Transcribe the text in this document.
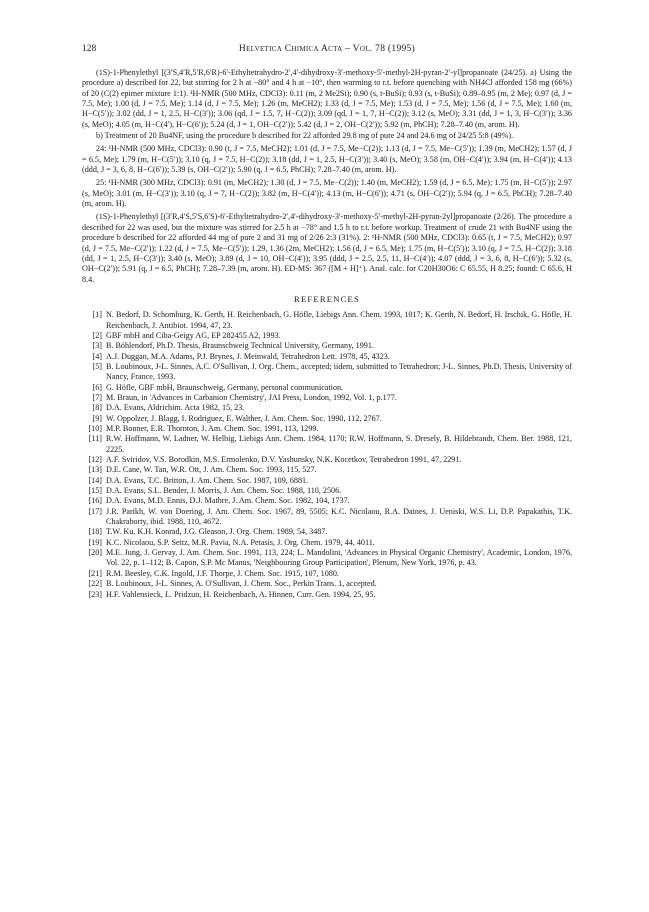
128	Helvetica Chimica Acta – Vol. 78 (1995)

(1S)-1-Phenylethyl [(3′S,4′R,5′R,6′R)-6′-Ethyltetrahydro-2′,4′-dihydroxy-3′-methoxy-5′-methyl-2H-pyran-2′-yl]propanoate (24/25). a) Using the procedure a) described for 22, but stirring for 2 h at −80° and 4 h at −10°, then warming to r.t. before quenching with NH4Cl afforded 158 mg (66%) of 20 (C(2) epimer mixture 1:1). ¹H-NMR (500 MHz, CDCl3): 0.11 (m, 2 Me2Si); 0.90 (s, t-BuSi); 0.93 (s, t-BuSi); 0.89–0.95 (m, 2 Me); 0.97 (d, J = 7.5, Me); 1.00 (d, J = 7.5, Me); 1.14 (d, J = 7.5, Me); 1.26 (m, MeCH2); 1.33 (d, J = 7.5, Me); 1.53 (d, J = 7.5, Me); 1.56 (d, J = 7.5, Me); 1.60 (m, H−C(5′)); 3.02 (dd, J = 1, 2.5, H−C(3′)); 3.06 (qd, J = 1.5, 7, H−C(2)); 3.09 (qd, J = 1, 7, H−C(2)); 3.12 (s, MeO); 3.31 (dd, J = 1, 3, H−C(3′)); 3.36 (s, MeO); 4.05 (m, H−C(4′), H−C(6′)); 5.24 (d, J = 1, OH−C(2′)); 5.42 (d, J = 2, OH−C(2′)); 5.92 (m, PhCH); 7.28–7.40 (m, arom. H).

b) Treatment of 20 Bu4NF, using the procedure b described for 22 afforded 29.8 mg of pure 24 and 24.6 mg of 24/25 5:8 (49%).

24: ¹H-NMR (500 MHz, CDCl3): 0.90 (t, J = 7.5, MeCH2); 1.01 (d, J = 7.5, Me−C(2)); 1.13 (d, J = 7.5, Me−C(5′)); 1.39 (m, MeCH2); 1.57 (d, J = 6.5, Me); 1.79 (m, H−C(5′)); 3.10 (q, J = 7.5, H−C(2)); 3.18 (dd, J = 1, 2.5, H−C(3′)); 3.40 (s, MeO); 3.58 (m, OH−C(4′)); 3.94 (m, H−C(4′)); 4.13 (ddd, J = 3, 6, 8, H−C(6′)); 5.39 (s, OH−C(2′)); 5.90 (q, J = 6.5, PhCH); 7.28–7.40 (m, arom. H).

25: ¹H-NMR (300 MHz, CDCl3): 0.91 (m, MeCH2); 1.30 (d, J = 7.5, Me−C(2)); 1.40 (m, MeCH2); 1.59 (d, J = 6.5, Me); 1.75 (m, H−C(5′)); 2.97 (s, MeO); 3.01 (m, H−C(3′)); 3.10 (q, J = 7, H−C(2)); 3.82 (m, H−C(4′)); 4.13 (m, H−C(6′)); 4.71 (s, OH−C(2′)); 5.94 (q, J = 6.5, PhCH); 7.28–7.40 (m, arom. H).

(1S)-1-Phenylethyl [(3′R,4′S,5′S,6′S)-6′-Ethyltetrahydro-2′,4′-dihydroxy-3′-methoxy-5′-methyl-2H-pyran-2yl]propanoate (2/26). The procedure a described for 22 was used, but the mixture was stirred for 2.5 h at −78° and 1.5 h to r.t. before workup. Treatment of crude 21 with Bu4NF using the procedure b described for 22 afforded 44 mg of pure 2 and 31 mg of 2/26 2:3 (31%). 2: ¹H-NMR (500 MHz, CDCl3): 0.65 (t, J = 7.5, MeCH2); 0.97 (d, J = 7.5, Me−C(2′)); 1.22 (d, J = 7.5, Me−C(5′)); 1.29, 1.36 (2m, MeCH2); 1.56 (d, J = 6.5, Me); 1.75 (m, H−C(5′)); 3.10 (q, J = 7.5, H−C(2)); 3.18 (dd, J = 1, 2.5, H−C(3′)); 3.40 (s, MeO); 3.89 (d, J = 10, OH−C(4′)); 3.95 (ddd, J = 2.5, 2.5, 11, H−C(4′)); 4.07 (ddd, J = 3, 6, 8, H−C(6′)); 5.32 (s, OH−C(2′)); 5.91 (q, J = 6.5, PhCH); 7.28–7.39 (m, arom. H). ED-MS: 367 ([M + H]⁺). Anal. calc. for C20H30O6: C 65.55, H 8.25; found: C 65.6, H 8.4.

REFERENCES
[1] N. Bedorf, D. Schomburg, K. Gerth, H. Reichenbach, G. Höfle, Liebigs Ann. Chem. 1993, 1017; K. Gerth, N. Bedorf, H. Irschik, G. Höfle, H. Reichenbach, J. Antibiot. 1994, 47, 23.
[2] GBF mbH and Ciba-Geigy AG, EP 282455 A2, 1993.
[3] B. Böhlendorf, Ph.D. Thesis, Braunschweig Technical University, Germany, 1991.
[4] A.J. Duggan, M.A. Adams, P.J. Brynes, J. Meinwald, Tetrahedron Lett. 1978, 45, 4323.
[5] B. Loubinoux, J-L. Sinnes, A.C. O'Sullivan, J. Org. Chem., accepted; iidem, submitted to Tetrahedron; J-L. Sinnes, Ph.D. Thesis, University of Nancy, France, 1993.
[6] G. Höfle, GBF mbH, Braunschweig, Germany, personal communication.
[7] M. Braun, in 'Advances in Carbanion Chemistry', JAI Press, London, 1992, Vol. 1, p.177.
[8] D.A. Evans, Aldrichim. Acta 1982, 15, 23.
[9] W. Oppolzer, J. Blagg, I. Rodriguez, E. Walther, J. Am. Chem. Soc. 1990, 112, 2767.
[10] M.P. Bonner, E.R. Thornton, J. Am. Chem. Soc. 1991, 113, 1299.
[11] R.W. Hoffmann, W. Ladner, W. Helbig, Liebigs Ann. Chem. 1984, 1170; R.W. Hoffmann, S. Dresely, B. Hildebrandt, Chem. Ber. 1988, 121, 2225.
[12] A.F. Sviridov, V.S. Borodkin, M.S. Ermolenko, D.V. Yashunsky, N.K. Kocetkov, Tetrahedron 1991, 47, 2291.
[13] D.E. Cane, W. Tan, W.R. Ott, J. Am. Chem. Soc. 1993, 115, 527.
[14] D.A. Evans, T.C. Britton, J. Am. Chem. Soc. 1987, 109, 6881.
[15] D.A. Evans, S.L. Bender, J. Morris, J. Am. Chem. Soc. 1988, 110, 2506.
[16] D.A. Evans, M.D. Ennis, D.J. Mathre, J. Am. Chem. Soc. 1982, 104, 1737.
[17] J.R. Parikh, W. von Doering, J. Am. Chem. Soc. 1967, 89, 5505; K.C. Nicolaou, R.A. Daines, J. Ueniski, W.S. Li, D.P. Papakathis, T.K. Chakraborty, ibid. 1988, 110, 4672.
[18] T.W. Ku, K.H. Konrad, J.G. Gleason, J. Org. Chem. 1989, 54, 3487.
[19] K.C. Nicolaou, S.P. Seitz, M.R. Pavia, N.A. Petasis, J. Org. Chem. 1979, 44, 4011.
[20] M.E. Jung, J. Gervay, J. Am. Chem. Soc. 1991, 113, 224; L. Mandolini, 'Advances in Physical Organic Chemistry', Academic, London, 1976, Vol. 22, p. 1–112; B. Capon, S.P. Mc Manus, 'Neighbouring Group Participation', Plenum, New York, 1976, p. 43.
[21] R.M. Beesley, C.K. Ingold, J.F. Thorpe, J. Chem. Soc. 1915, 107, 1080.
[22] B. Loubinoux, J-L. Sinnes, A. O'Sullivan, J. Chem. Soc., Perkin Trans. 1, accepted.
[23] H.F. Vahlensieck, L. Pridzun, H. Reichenbach, A. Hinnen, Curr. Gen. 1994, 25, 95.
